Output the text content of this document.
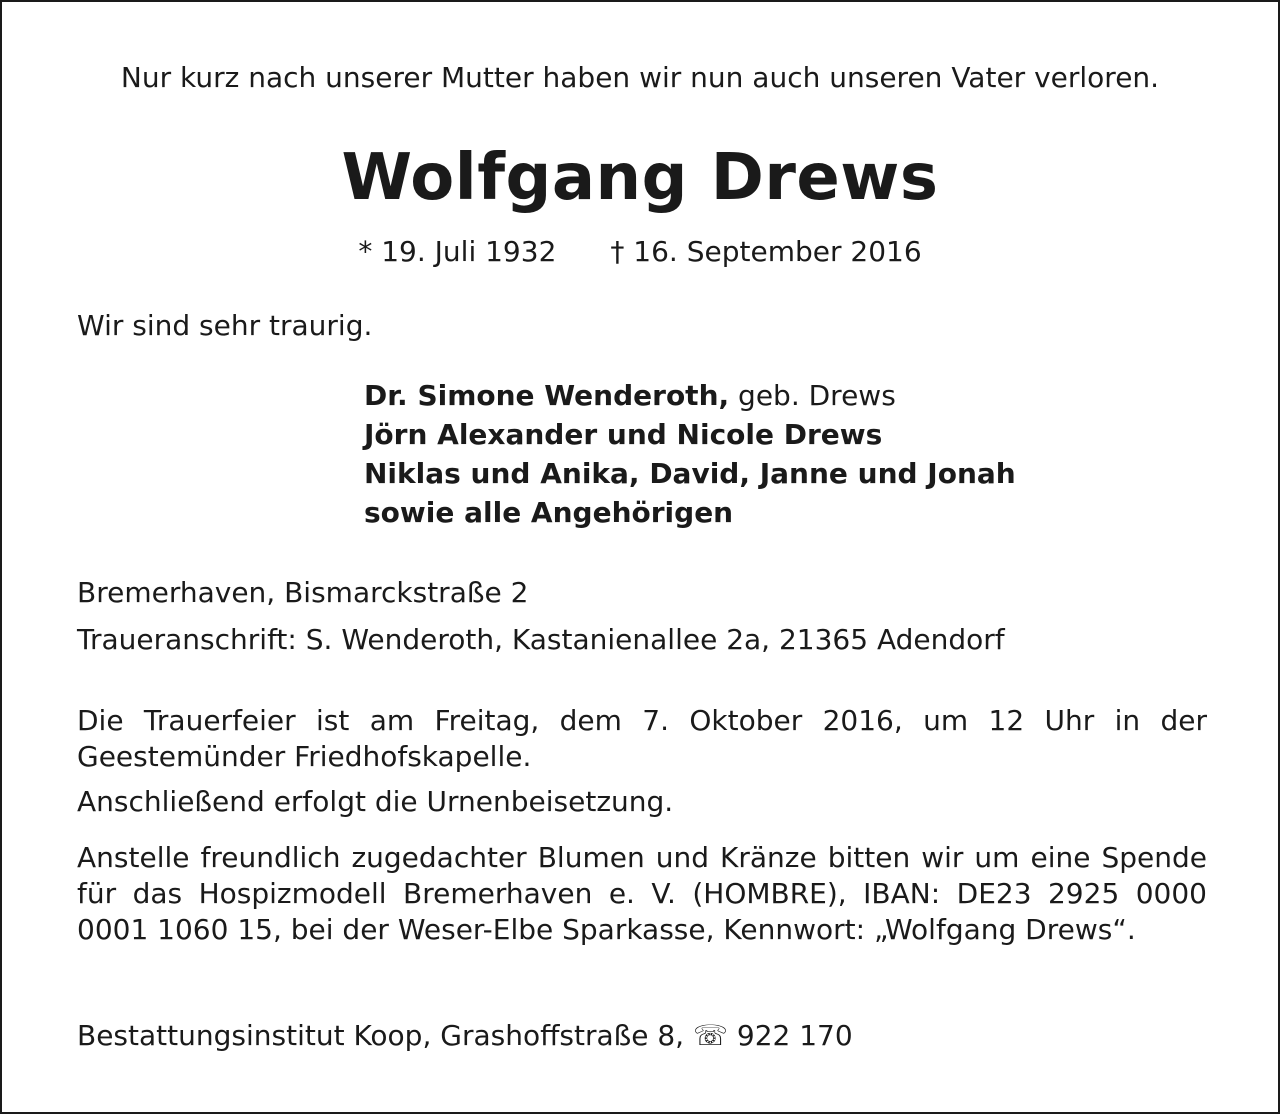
Nur kurz nach unserer Mutter haben wir nun auch unseren Vater verloren.
Wolfgang Drews
* 19. Juli 1932 † 16. September 2016
Wir sind sehr traurig.
Dr. Simone Wenderoth, geb. Drews
Jörn Alexander und Nicole Drews
Niklas und Anika, David, Janne und Jonah
sowie alle Angehörigen
Bremerhaven, Bismarckstraße 2
Traueranschrift: S. Wenderoth, Kastanienallee 2a, 21365 Adendorf
Die Trauerfeier ist am Freitag, dem 7. Oktober 2016, um 12 Uhr in der Geestemünder Friedhofskapelle.
Anschließend erfolgt die Urnenbeisetzung.
Anstelle freundlich zugedachter Blumen und Kränze bitten wir um eine Spende für das Hospizmodell Bremerhaven e. V. (HOMBRE), IBAN: DE23 2925 0000 0001 1060 15, bei der Weser-Elbe Sparkasse, Kennwort: „Wolfgang Drews“.
Bestattungsinstitut Koop, Grashoffstraße 8, ☏ 922 170
